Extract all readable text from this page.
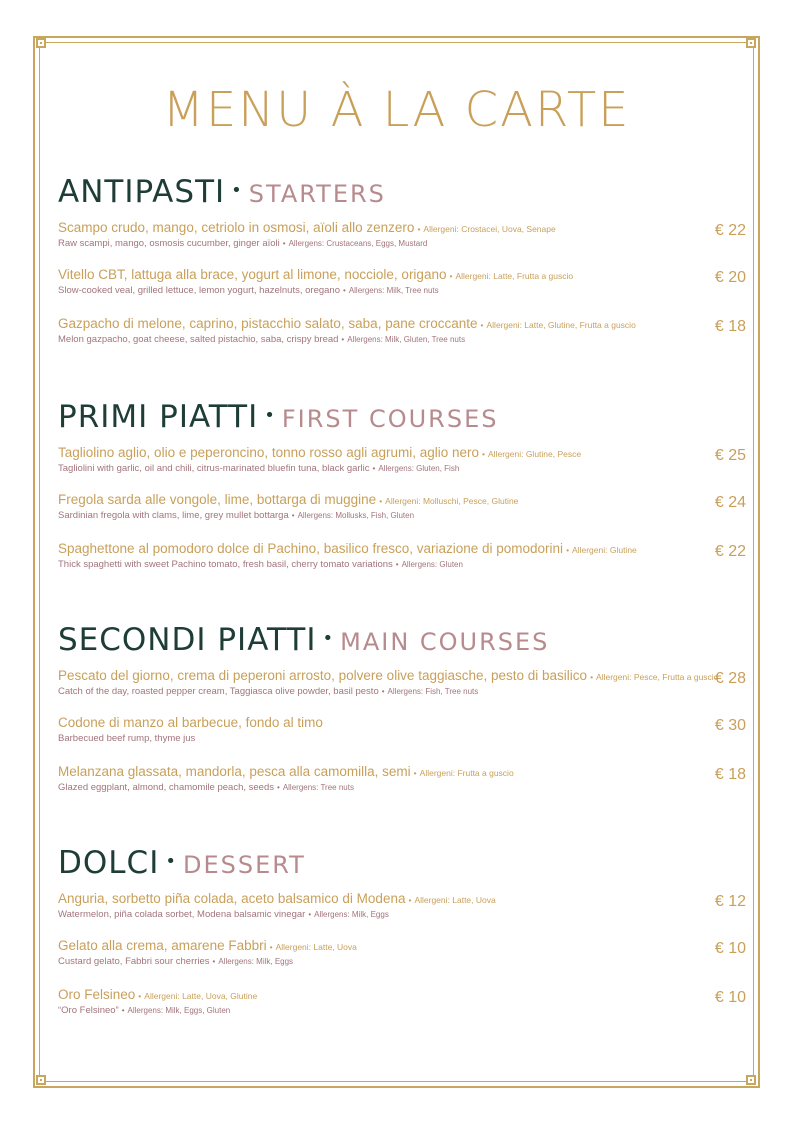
MENU À LA CARTE
ANTIPASTI • STARTERS
Scampo crudo, mango, cetriolo in osmosi, aïoli allo zenzero • Allergeni: Crostacei, Uova, Senape
Raw scampi, mango, osmosis cucumber, ginger aïoli • Allergens: Crustaceans, Eggs, Mustard
€ 22
Vitello CBT, lattuga alla brace, yogurt al limone, nocciole, origano • Allergeni: Latte, Frutta a guscio
Slow-cooked veal, grilled lettuce, lemon yogurt, hazelnuts, oregano • Allergens: Milk, Tree nuts
€ 20
Gazpacho di melone, caprino, pistacchio salato, saba, pane croccante • Allergeni: Latte, Glutine, Frutta a guscio
Melon gazpacho, goat cheese, salted pistachio, saba, crispy bread • Allergens: Milk, Gluten, Tree nuts
€ 18
PRIMI PIATTI • FIRST COURSES
Tagliolino aglio, olio e peperoncino, tonno rosso agli agrumi, aglio nero • Allergeni: Glutine, Pesce
Tagliolini with garlic, oil and chili, citrus-marinated bluefin tuna, black garlic • Allergens: Gluten, Fish
€ 25
Fregola sarda alle vongole, lime, bottarga di muggine • Allergeni: Molluschi, Pesce, Glutine
Sardinian fregola with clams, lime, grey mullet bottarga • Allergens: Mollusks, Fish, Gluten
€ 24
Spaghettone al pomodoro dolce di Pachino, basilico fresco, variazione di pomodorini • Allergeni: Glutine
Thick spaghetti with sweet Pachino tomato, fresh basil, cherry tomato variations • Allergens: Gluten
€ 22
SECONDI PIATTI • MAIN COURSES
Pescato del giorno, crema di peperoni arrosto, polvere olive taggiasche, pesto di basilico • Allergeni: Pesce, Frutta a guscio
Catch of the day, roasted pepper cream, Taggiasca olive powder, basil pesto • Allergens: Fish, Tree nuts
€ 28
Codone di manzo al barbecue, fondo al timo
Barbecued beef rump, thyme jus
€ 30
Melanzana glassata, mandorla, pesca alla camomilla, semi • Allergeni: Frutta a guscio
Glazed eggplant, almond, chamomile peach, seeds • Allergens: Tree nuts
€ 18
DOLCI • DESSERT
Anguria, sorbetto piña colada, aceto balsamico di Modena • Allergeni: Latte, Uova
Watermelon, piña colada sorbet, Modena balsamic vinegar • Allergens: Milk, Eggs
€ 12
Gelato alla crema, amarene Fabbri • Allergeni: Latte, Uova
Custard gelato, Fabbri sour cherries • Allergens: Milk, Eggs
€ 10
Oro Felsineo • Allergeni: Latte, Uova, Glutine
“Oro Felsineo” • Allergens: Milk, Eggs, Gluten
€ 10
